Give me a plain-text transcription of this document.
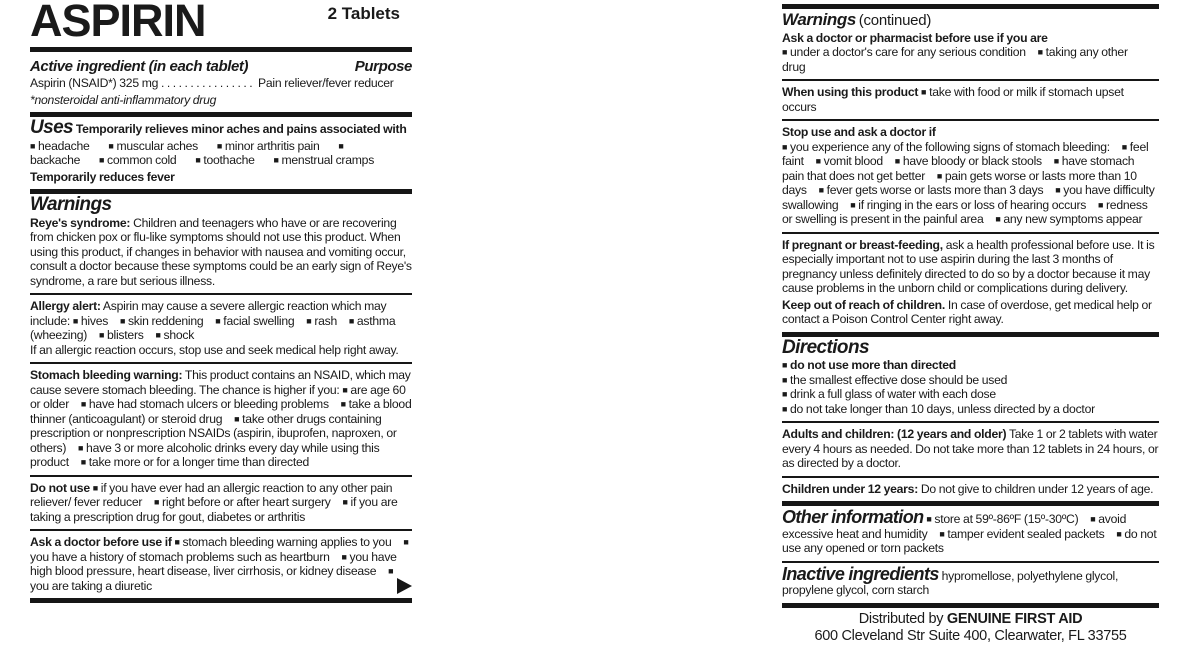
ASPIRIN	2 Tablets
Active ingredient (in each tablet)	Purpose
Aspirin (NSAID*) 325 mg ................ Pain reliever/fever reducer
*nonsteroidal anti-inflammatory drug
Uses Temporarily relieves minor aches and pains associated with
■ headache ■ muscular aches ■ minor arthritis pain ■ backache ■ common cold ■ toothache ■ menstrual cramps
Temporarily reduces fever
Warnings

Reye's syndrome: Children and teenagers who have or are recovering from chicken pox or flu-like symptoms should not use this product. When using this product, if changes in behavior with nausea and vomiting occur, consult a doctor because these symptoms could be an early sign of Reye's syndrome, a rare but serious illness.

Allergy alert: Aspirin may cause a severe allergic reaction which may include: ■ hives ■ skin reddening ■ facial swelling ■ rash ■ asthma (wheezing) ■ blisters ■ shock
If an allergic reaction occurs, stop use and seek medical help right away.

Stomach bleeding warning: This product contains an NSAID, which may cause severe stomach bleeding. The chance is higher if you: ■ are age 60 or older ■ have had stomach ulcers or bleeding problems ■ take a blood thinner (anticoagulant) or steroid drug ■ take other drugs containing prescription or nonprescription NSAIDs (aspirin, ibuprofen, naproxen, or others) ■ have 3 or more alcoholic drinks every day while using this product ■ take more or for a longer time than directed

Do not use ■ if you have ever had an allergic reaction to any other pain reliever/ fever reducer ■ right before or after heart surgery ■ if you are taking a prescription drug for gout, diabetes or arthritis

Ask a doctor before use if ■ stomach bleeding warning applies to you ■ you have a history of stomach problems such as heartburn ■ you have high blood pressure, heart disease, liver cirrhosis, or kidney disease ■ you are taking a diuretic

Warnings (continued)

Ask a doctor or pharmacist before use if you are
■ under a doctor's care for any serious condition ■ taking any other drug

When using this product ■ take with food or milk if stomach upset occurs

Stop use and ask a doctor if
■ you experience any of the following signs of stomach bleeding: ■ feel faint ■ vomit blood ■ have bloody or black stools ■ have stomach pain that does not get better ■ pain gets worse or lasts more than 10 days ■ fever gets worse or lasts more than 3 days ■ you have difficulty swallowing ■ if ringing in the ears or loss of hearing occurs ■ redness or swelling is present in the painful area ■ any new symptoms appear

If pregnant or breast-feeding, ask a health professional before use. It is especially important not to use aspirin during the last 3 months of pregnancy unless definitely directed to do so by a doctor because it may cause problems in the unborn child or complications during delivery.

Keep out of reach of children. In case of overdose, get medical help or contact a Poison Control Center right away.

Directions
■ do not use more than directed
■ the smallest effective dose should be used
■ drink a full glass of water with each dose
■ do not take longer than 10 days, unless directed by a doctor

Adults and children: (12 years and older) Take 1 or 2 tablets with water every 4 hours as needed. Do not take more than 12 tablets in 24 hours, or as directed by a doctor.

Children under 12 years: Do not give to children under 12 years of age.

Other information ■ store at 59º-86ºF (15º-30ºC) ■ avoid excessive heat and humidity ■ tamper evident sealed packets ■ do not use any opened or torn packets
Inactive ingredients hypromellose, polyethylene glycol, propylene glycol, corn starch
Distributed by GENUINE FIRST AID
600 Cleveland Str Suite 400, Clearwater, FL 33755
